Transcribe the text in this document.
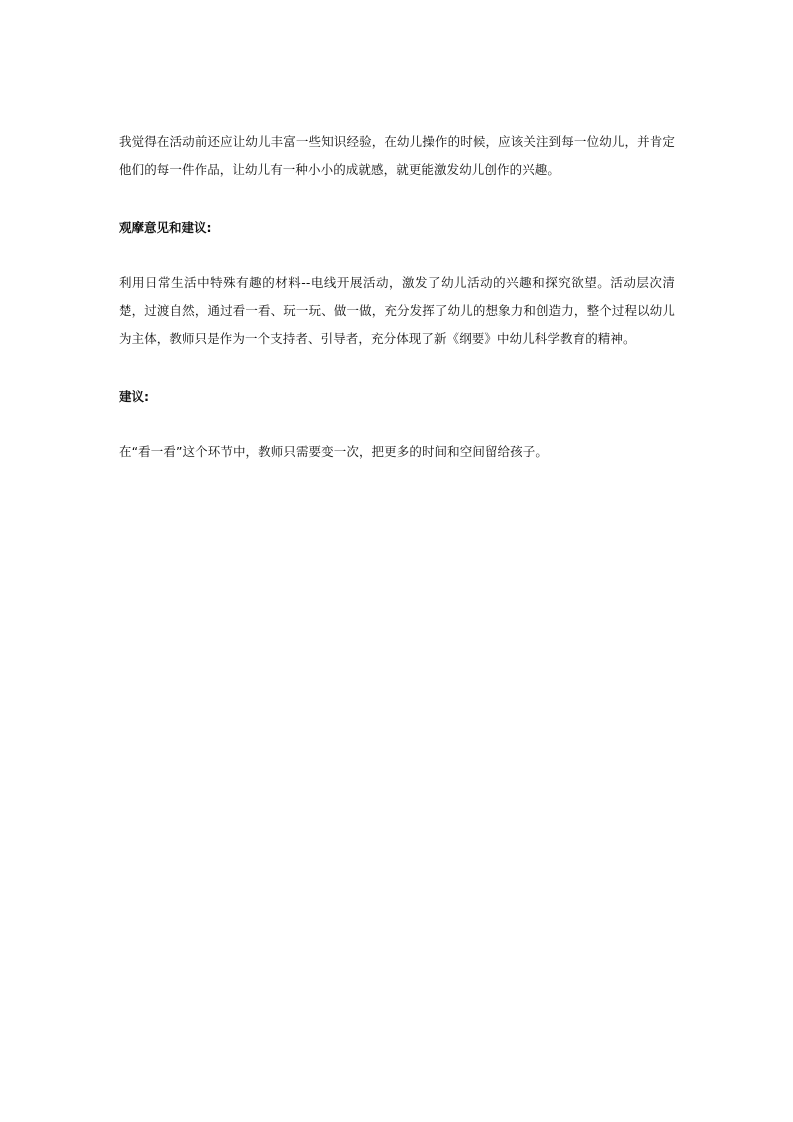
我觉得在活动前还应让幼儿丰富一些知识经验，在幼儿操作的时候，应该关注到每一位幼儿，并肯定他们的每一件作品，让幼儿有一种小小的成就感，就更能激发幼儿创作的兴趣。

观摩意见和建议:

利用日常生活中特殊有趣的材料--电线开展活动，激发了幼儿活动的兴趣和探究欲望。活动层次清楚，过渡自然，通过看一看、玩一玩、做一做，充分发挥了幼儿的想象力和创造力，整个过程以幼儿为主体，教师只是作为一个支持者、引导者，充分体现了新《纲要》中幼儿科学教育的精神。

建议:

在“看一看”这个环节中，教师只需要变一次，把更多的时间和空间留给孩子。
